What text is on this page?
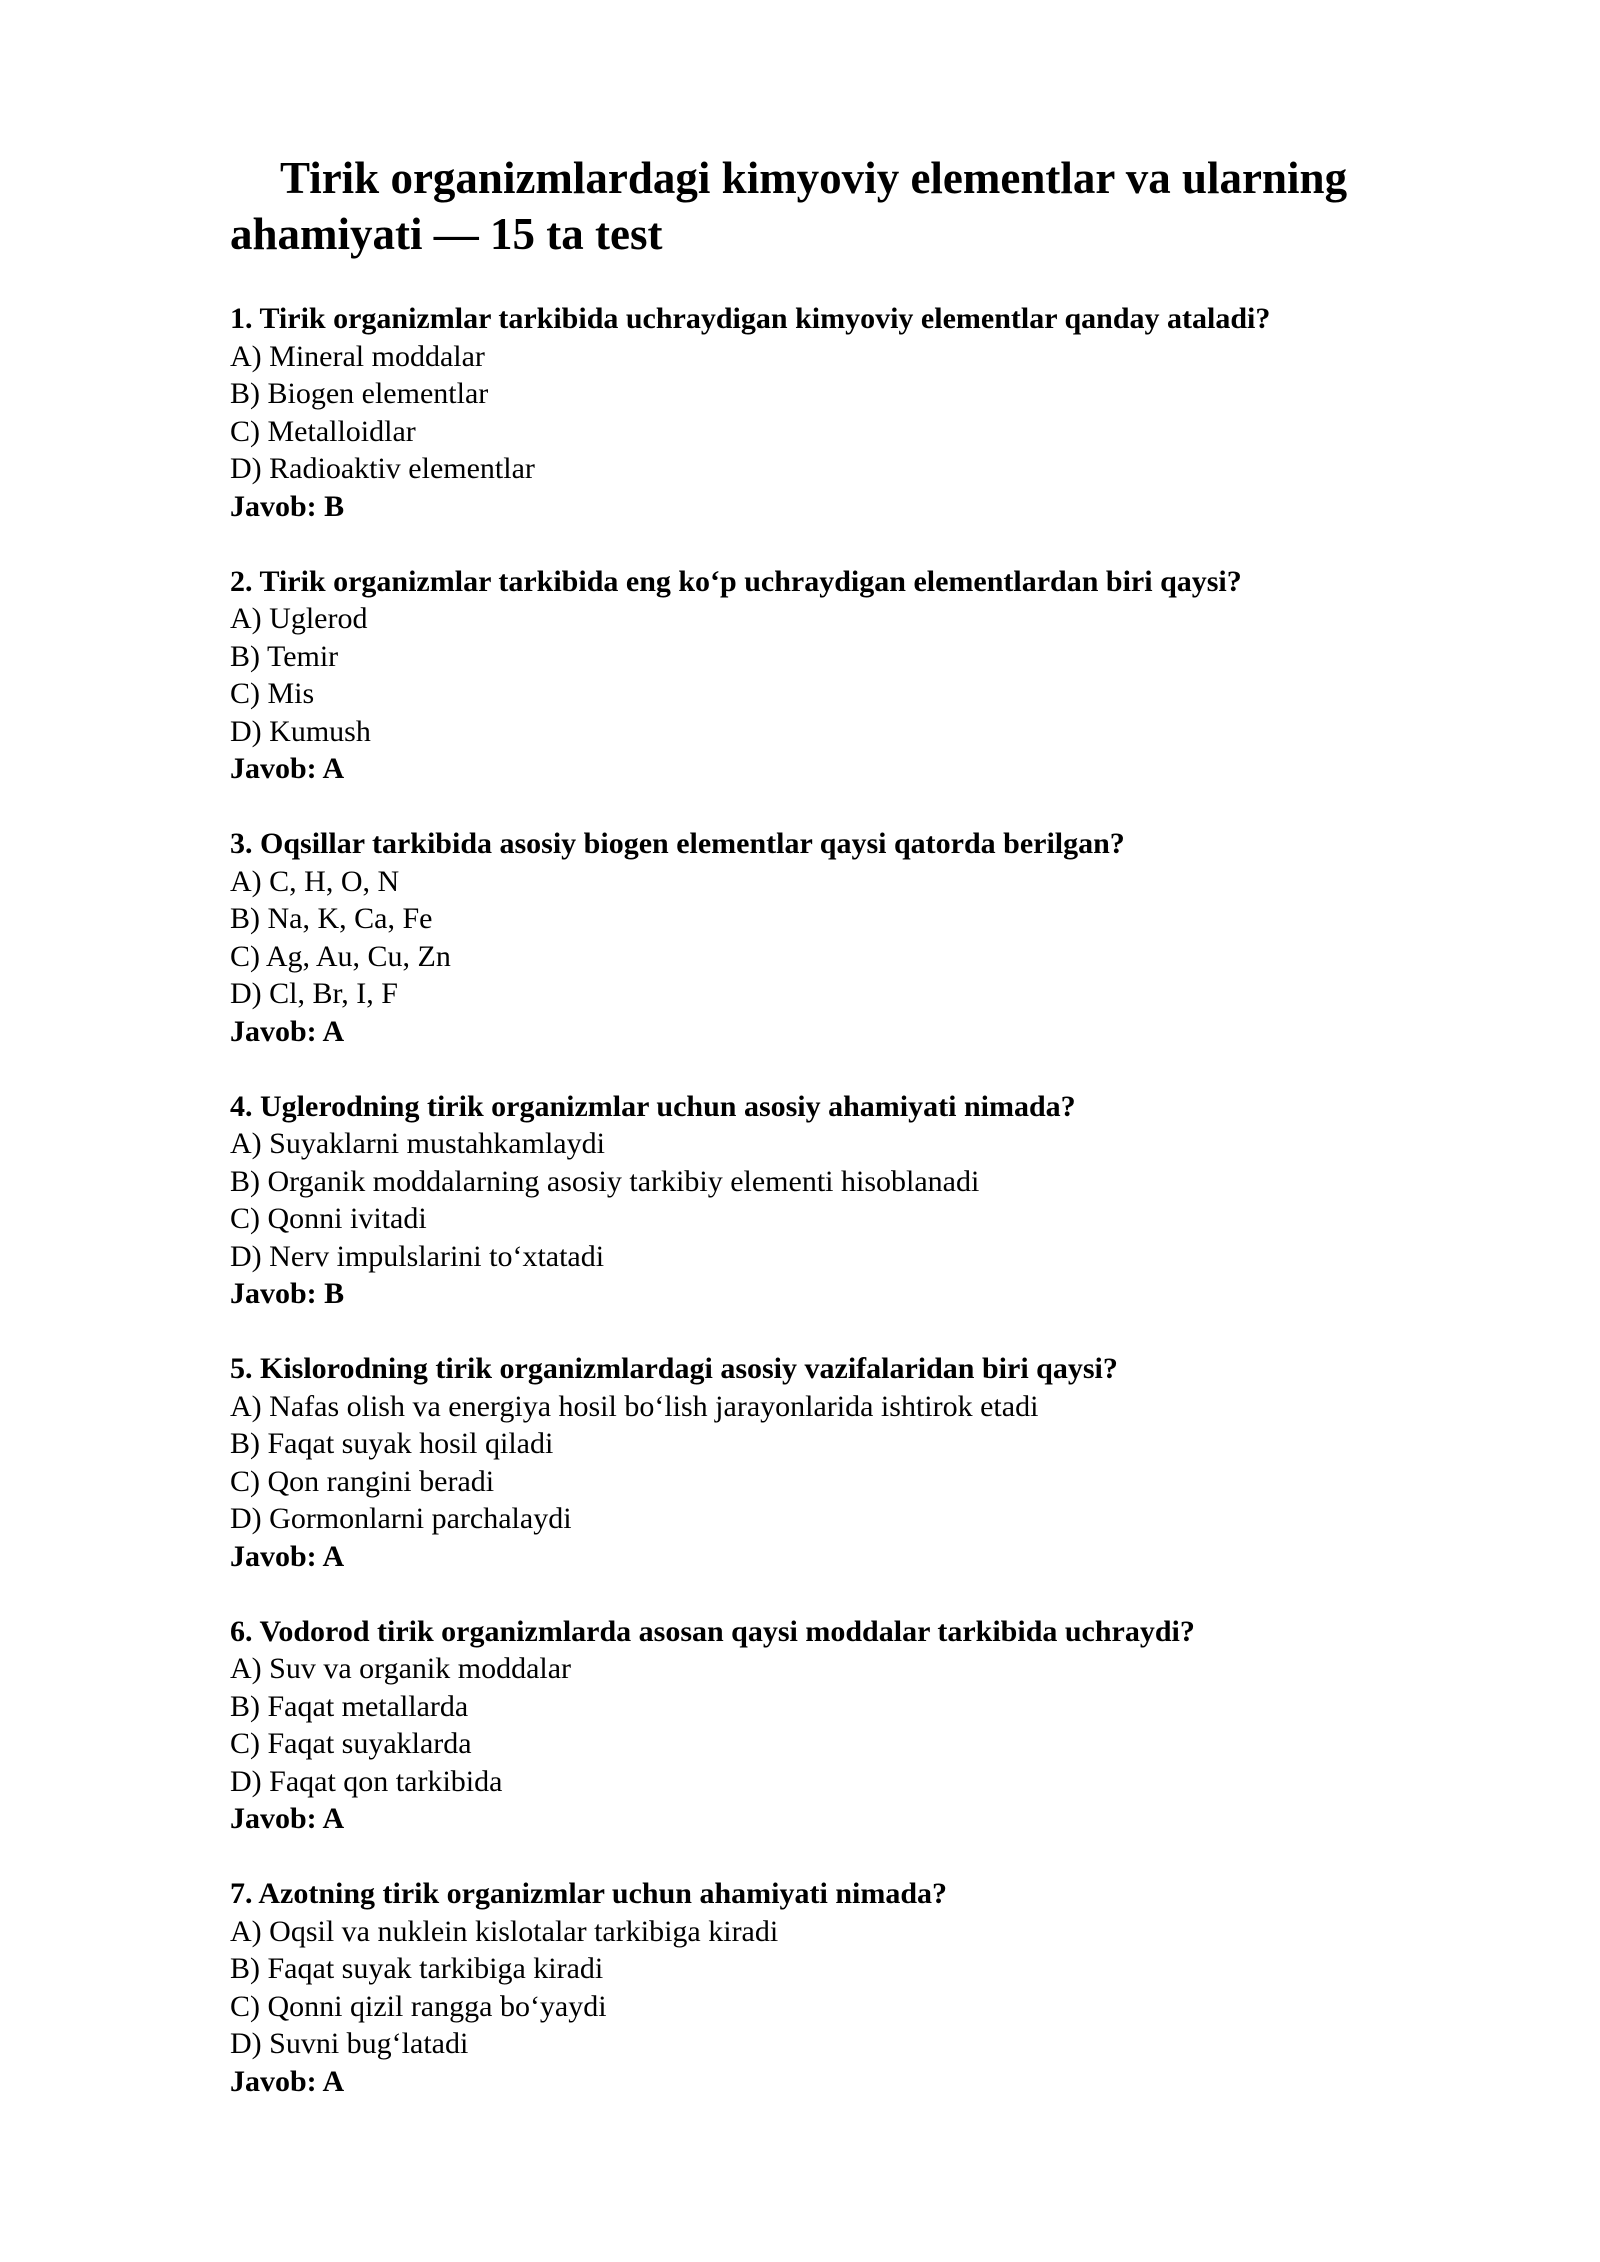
Tirik organizmlardagi kimyoviy elementlar va ularning ahamiyati — 15 ta test
1. Tirik organizmlar tarkibida uchraydigan kimyoviy elementlar qanday ataladi?
A) Mineral moddalar
B) Biogen elementlar
C) Metalloidlar
D) Radioaktiv elementlar
Javob: B
2. Tirik organizmlar tarkibida eng ko‘p uchraydigan elementlardan biri qaysi?
A) Uglerod
B) Temir
C) Mis
D) Kumush
Javob: A
3. Oqsillar tarkibida asosiy biogen elementlar qaysi qatorda berilgan?
A) C, H, O, N
B) Na, K, Ca, Fe
C) Ag, Au, Cu, Zn
D) Cl, Br, I, F
Javob: A
4. Uglerodning tirik organizmlar uchun asosiy ahamiyati nimada?
A) Suyaklarni mustahkamlaydi
B) Organik moddalarning asosiy tarkibiy elementi hisoblanadi
C) Qonni ivitadi
D) Nerv impulslarini to‘xtatadi
Javob: B
5. Kislorodning tirik organizmlardagi asosiy vazifalaridan biri qaysi?
A) Nafas olish va energiya hosil bo‘lish jarayonlarida ishtirok etadi
B) Faqat suyak hosil qiladi
C) Qon rangini beradi
D) Gormonlarni parchalaydi
Javob: A
6. Vodorod tirik organizmlarda asosan qaysi moddalar tarkibida uchraydi?
A) Suv va organik moddalar
B) Faqat metallarda
C) Faqat suyaklarda
D) Faqat qon tarkibida
Javob: A
7. Azotning tirik organizmlar uchun ahamiyati nimada?
A) Oqsil va nuklein kislotalar tarkibiga kiradi
B) Faqat suyak tarkibiga kiradi
C) Qonni qizil rangga bo‘yaydi
D) Suvni bug‘latadi
Javob: A
